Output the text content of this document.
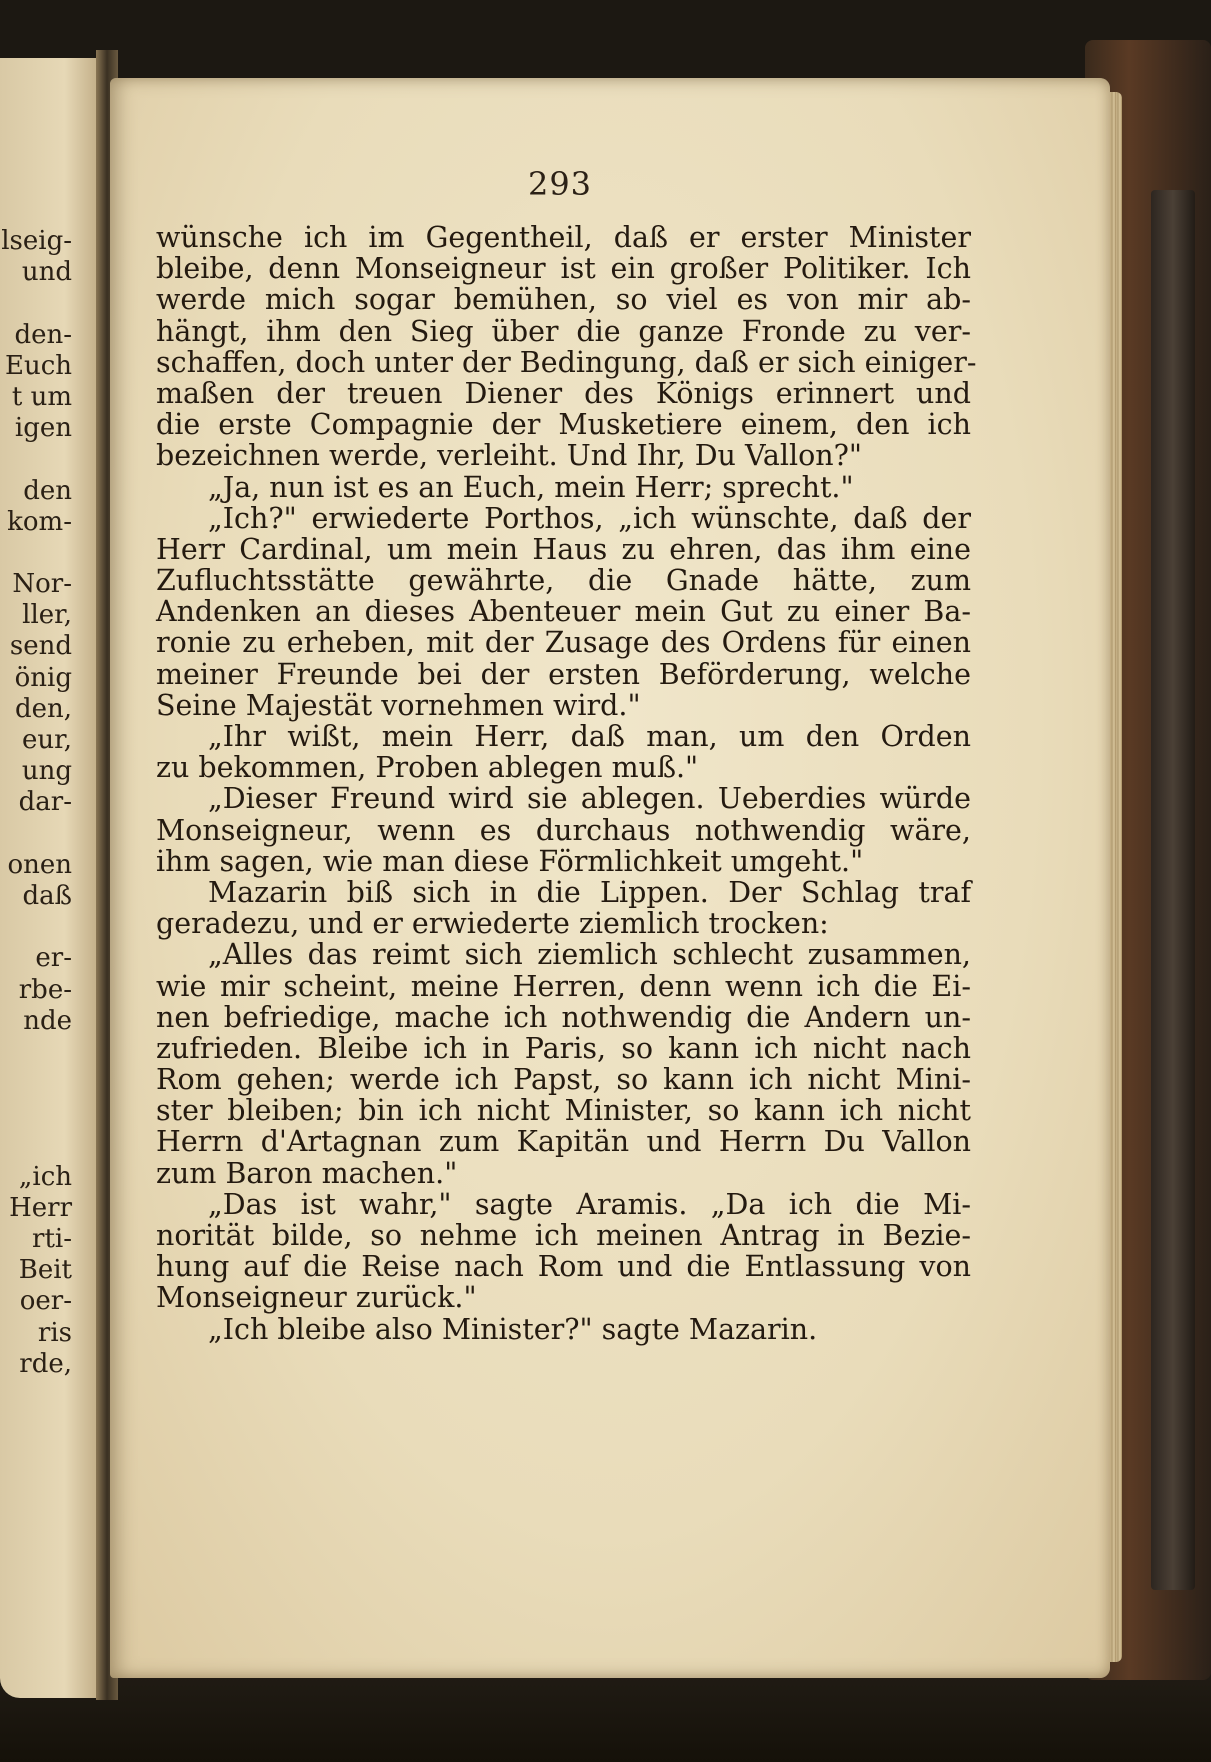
lseig-
und
den-
Euch
t um
igen
den
kom-
Nor-
ller,
send
önig
den,
eur,
ung
dar-
onen
daß
er-
rbe-
nde
„ich
Herr
rti-
Beit
oer-
ris
rde,
293
wünsche ich im Gegentheil, daß er erster Minister
bleibe, denn Monseigneur ist ein großer Politiker. Ich
werde mich sogar bemühen, so viel es von mir ab-
hängt, ihm den Sieg über die ganze Fronde zu ver-
schaffen, doch unter der Bedingung, daß er sich einiger-
maßen der treuen Diener des Königs erinnert und
die erste Compagnie der Musketiere einem, den ich
bezeichnen werde, verleiht. Und Ihr, Du Vallon?"
„Ja, nun ist es an Euch, mein Herr; sprecht."
„Ich?" erwiederte Porthos, „ich wünschte, daß der
Herr Cardinal, um mein Haus zu ehren, das ihm eine
Zufluchtsstätte gewährte, die Gnade hätte, zum
Andenken an dieses Abenteuer mein Gut zu einer Ba-
ronie zu erheben, mit der Zusage des Ordens für einen
meiner Freunde bei der ersten Beförderung, welche
Seine Majestät vornehmen wird."
„Ihr wißt, mein Herr, daß man, um den Orden
zu bekommen, Proben ablegen muß."
„Dieser Freund wird sie ablegen. Ueberdies würde
Monseigneur, wenn es durchaus nothwendig wäre,
ihm sagen, wie man diese Förmlichkeit umgeht."
Mazarin biß sich in die Lippen. Der Schlag traf
geradezu, und er erwiederte ziemlich trocken:
„Alles das reimt sich ziemlich schlecht zusammen,
wie mir scheint, meine Herren, denn wenn ich die Ei-
nen befriedige, mache ich nothwendig die Andern un-
zufrieden. Bleibe ich in Paris, so kann ich nicht nach
Rom gehen; werde ich Papst, so kann ich nicht Mini-
ster bleiben; bin ich nicht Minister, so kann ich nicht
Herrn d'Artagnan zum Kapitän und Herrn Du Vallon
zum Baron machen."
„Das ist wahr," sagte Aramis. „Da ich die Mi-
norität bilde, so nehme ich meinen Antrag in Bezie-
hung auf die Reise nach Rom und die Entlassung von
Monseigneur zurück."
„Ich bleibe also Minister?" sagte Mazarin.
